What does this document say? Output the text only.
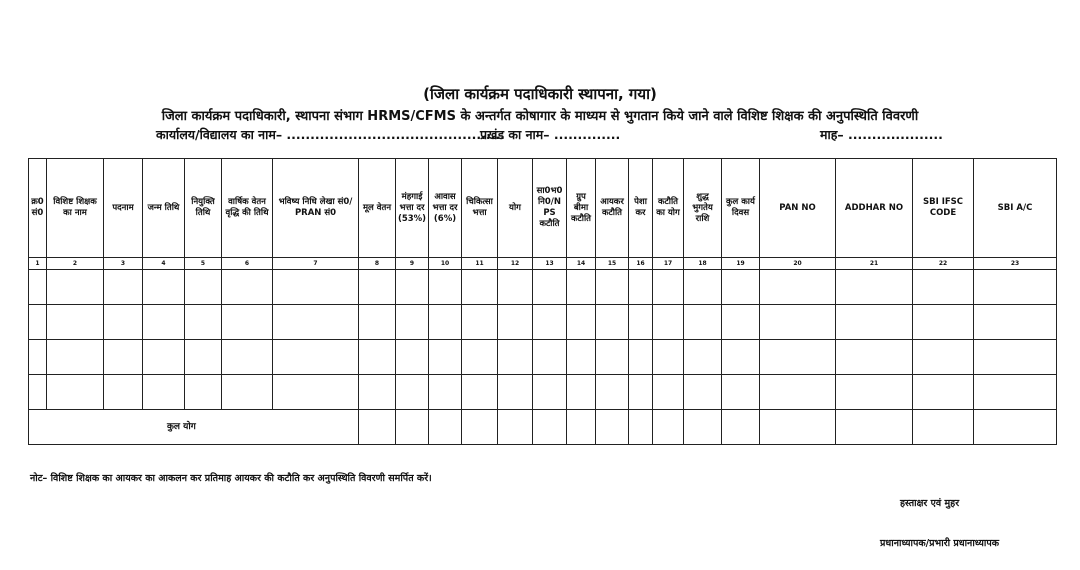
(जिला कार्यक्रम पदाधिकारी स्थापना, गया)
जिला कार्यक्रम पदाधिकारी, स्थापना संभाग HRMS/CFMS के अन्तर्गत कोषागार के माध्यम से भुगतान किये जाने वाले विशिष्ट शिक्षक की अनुपस्थिति विवरणी
कार्यालय/विद्यालय का नाम– ..............................................
प्रखंड का नाम– ..............	माह– ....................
क्र0 सं0	विशिष्ट शिक्षक का नाम	पदनाम	जन्म तिथि	नियुक्ति तिथि	वार्षिक वेतन वृद्धि की तिथि	भविष्य निधि लेखा सं0/ PRAN सं0	मूल वेतन	मंहगाई भत्ता दर (53%)	आवास भत्ता दर (6%)	चिकित्सा भत्ता	योग	सा0भ0 नि0/N PS कटौति	ग्रुप बीमा कटौति	आयकर कटौति	पेशा कर	कटौति का योग	शुद्ध भुगतेय राशि	कुल कार्य दिवस	PAN NO	ADDHAR NO	SBI IFSC CODE	SBI A/C	
1	2	3	4	5	6	7	8	9	10	11	12	13	14	15	16	17	18	19	20	21	22	23	

कुल योग																							
नोट– विशिष्ट शिक्षक का आयकर का आकलन कर प्रतिमाह आयकर की कटौति कर अनुपस्थिति विवरणी समर्पित करें।
हस्ताक्षर एवं मुहर
प्रधानाध्यापक/प्रभारी प्रधानाध्यापक
